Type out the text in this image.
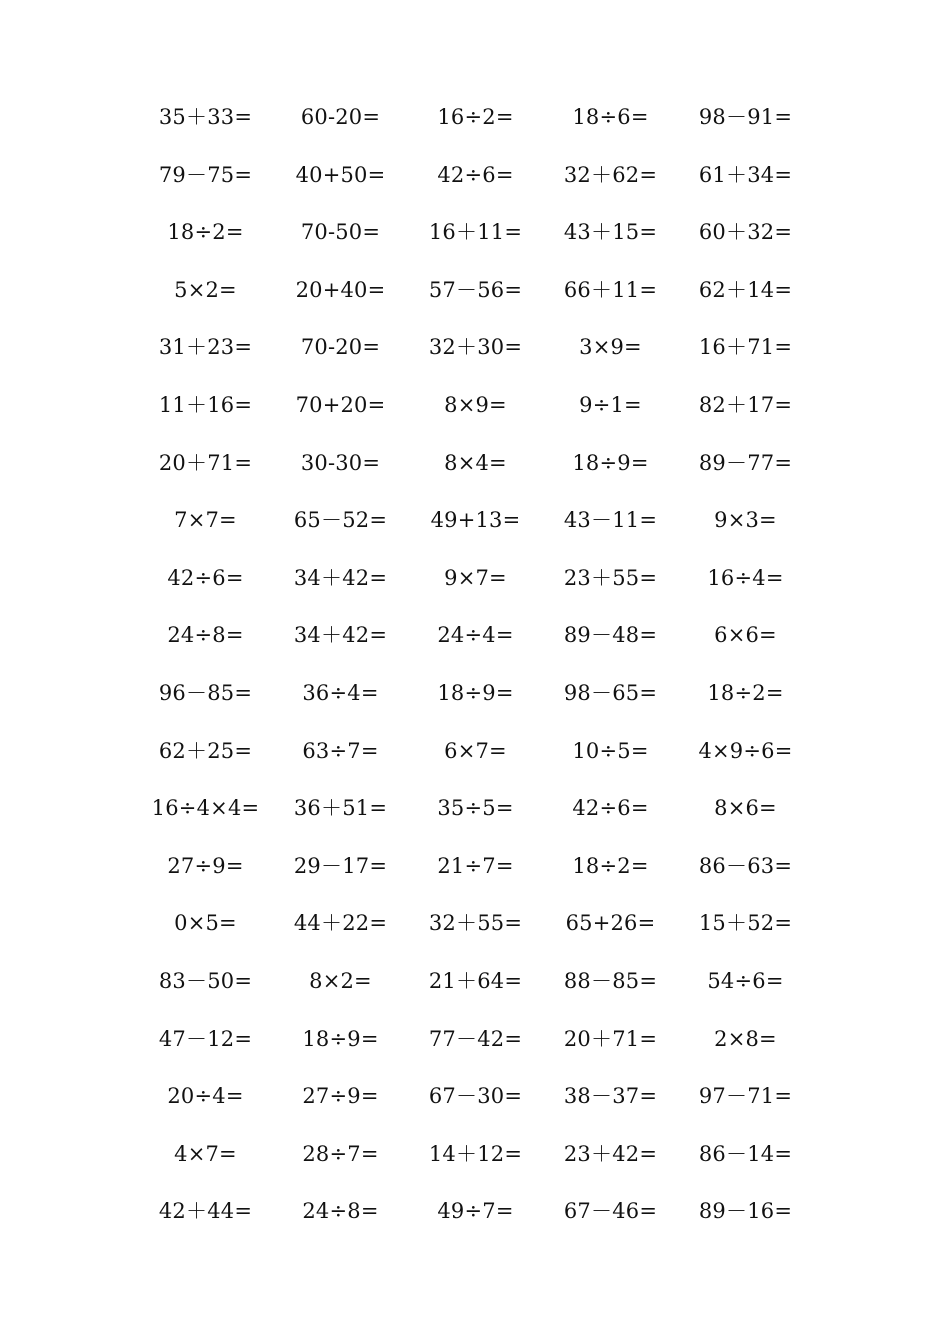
35＋33=	60-20=	16÷2=	18÷6=	98－91=
79－75=	40+50=	42÷6=	32＋62=	61＋34=
18÷2=	70-50=	16＋11=	43＋15=	60＋32=
5×2=	20+40=	57－56=	66＋11=	62＋14=
31＋23=	70-20=	32＋30=	3×9=	16＋71=
11＋16=	70+20=	8×9=	9÷1=	82＋17=
20＋71=	30-30=	8×4=	18÷9=	89－77=
7×7=	65－52=	49+13=	43－11=	9×3=
42÷6=	34＋42=	9×7=	23＋55=	16÷4=
24÷8=	34＋42=	24÷4=	89－48=	6×6=
96－85=	36÷4=	18÷9=	98－65=	18÷2=
62＋25=	63÷7=	6×7=	10÷5=	4×9÷6=
16÷4×4=	36＋51=	35÷5=	42÷6=	8×6=
27÷9=	29－17=	21÷7=	18÷2=	86－63=
0×5=	44＋22=	32＋55=	65+26=	15＋52=
83－50=	8×2=	21＋64=	88－85=	54÷6=
47－12=	18÷9=	77－42=	20＋71=	2×8=
20÷4=	27÷9=	67－30=	38－37=	97－71=
4×7=	28÷7=	14＋12=	23＋42=	86－14=
42＋44=	24÷8=	49÷7=	67－46=	89－16=
